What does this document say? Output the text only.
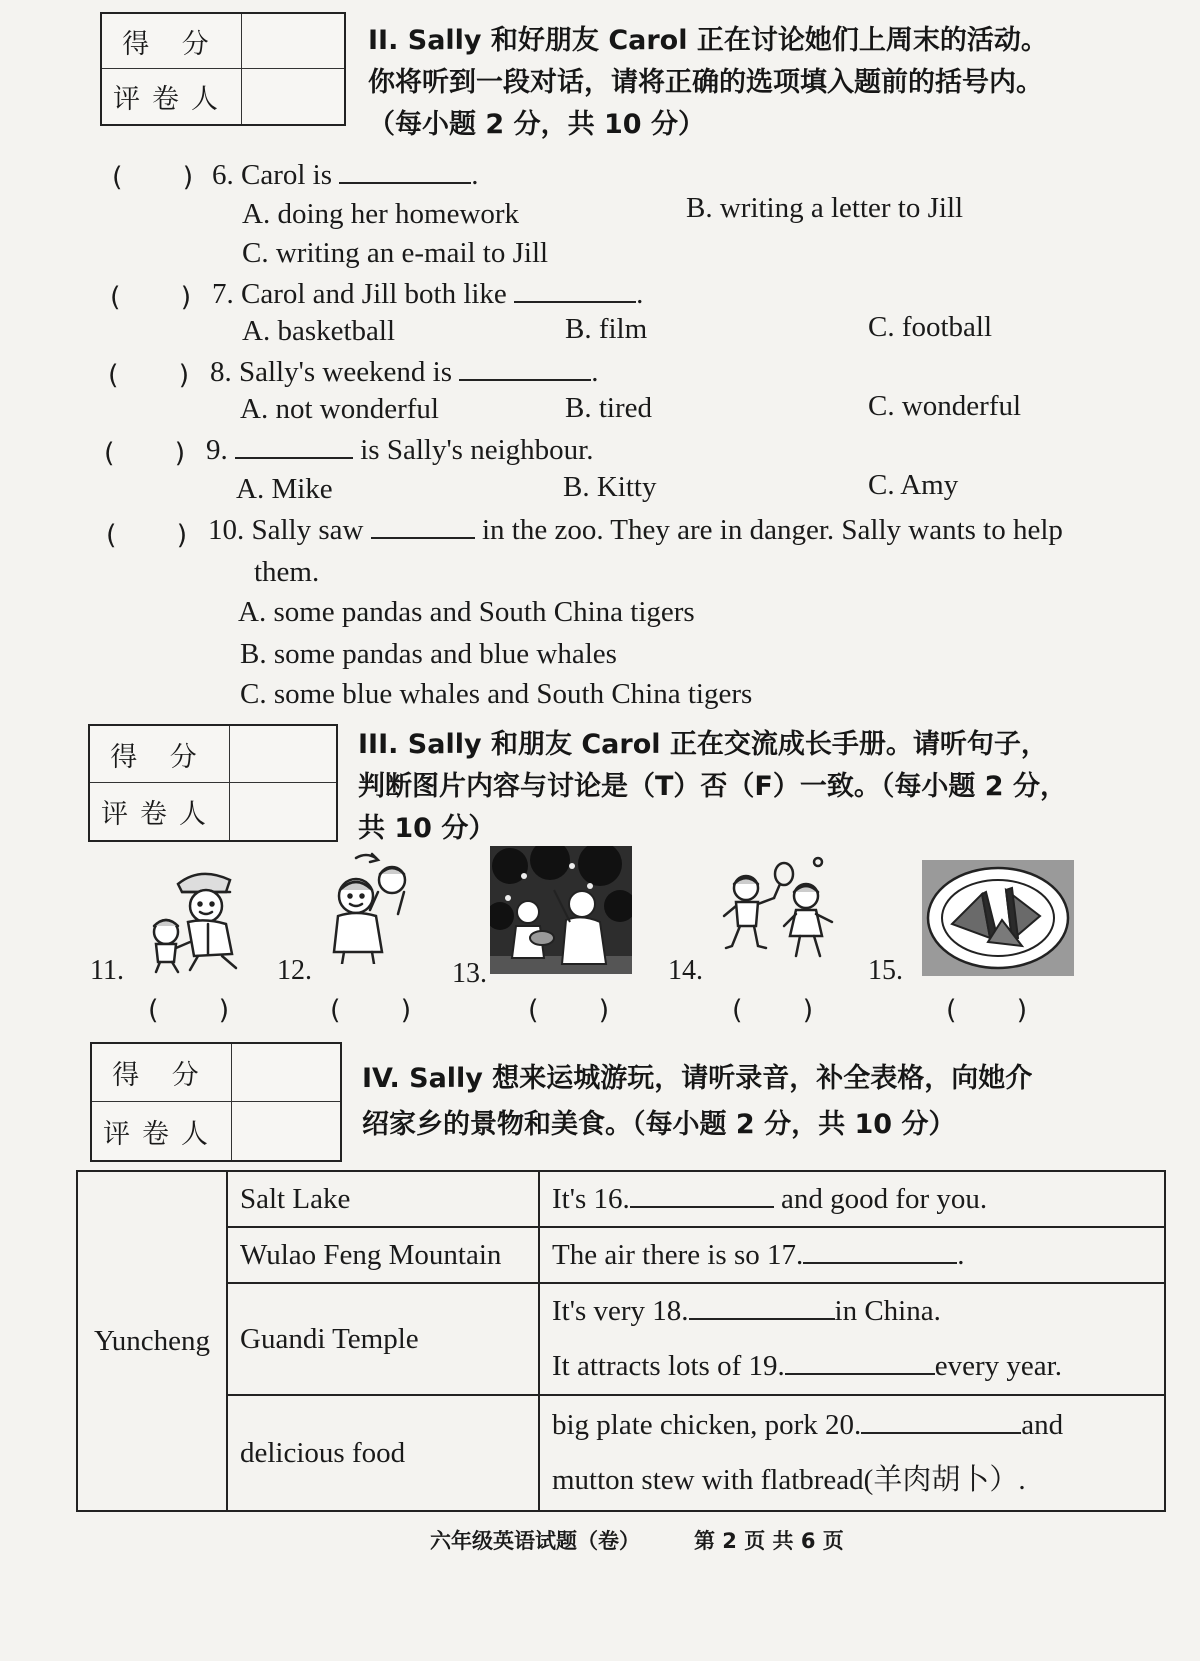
得 分
评卷人
II. Sally 和好朋友 Carol 正在讨论她们上周末的活动。
你将听到一段对话，请将正确的选项填入题前的括号内。
（每小题 2 分，共 10 分）
(       ) 6. Carol is	.
A. doing her homework	B. writing a letter to Jill
C. writing an e-mail to Jill
(       ) 7. Carol and Jill both like	.
A. basketball	B. film	C. football
(       ) 8. Sally's weekend is	.
A. not wonderful	B. tired	C. wonderful
(       ) 9.	is Sally's neighbour.
A. Mike	B. Kitty	C. Amy
(       ) 10. Sally saw	in the zoo. They are in danger. Sally wants to help
them.
A. some pandas and South China tigers
B. some pandas and blue whales
C. some blue whales and South China tigers
得 分
评卷人
III. Sally 和朋友 Carol 正在交流成长手册。请听句子，
判断图片内容与讨论是（T）否（F）一致。（每小题 2 分，
共 10 分）
11.
(       )
12.
(       )
13.
(       )
14.
(       )
15.
(       )
得 分
评卷人
IV. Sally 想来运城游玩，请听录音，补全表格，向她介
绍家乡的景物和美食。（每小题 2 分，共 10 分）
Yuncheng	Salt Lake	It's 16. and good for you.
	Wulao Feng Mountain	The air there is so 17. .
	Guandi Temple	It's very 18. in China.
It attracts lots of 19. every year.

	delicious food	big plate chicken, pork 20. and
mutton stew with flatbread(羊肉胡卜）.
六年级英语试题（卷）	第 2 页 共 6 页
